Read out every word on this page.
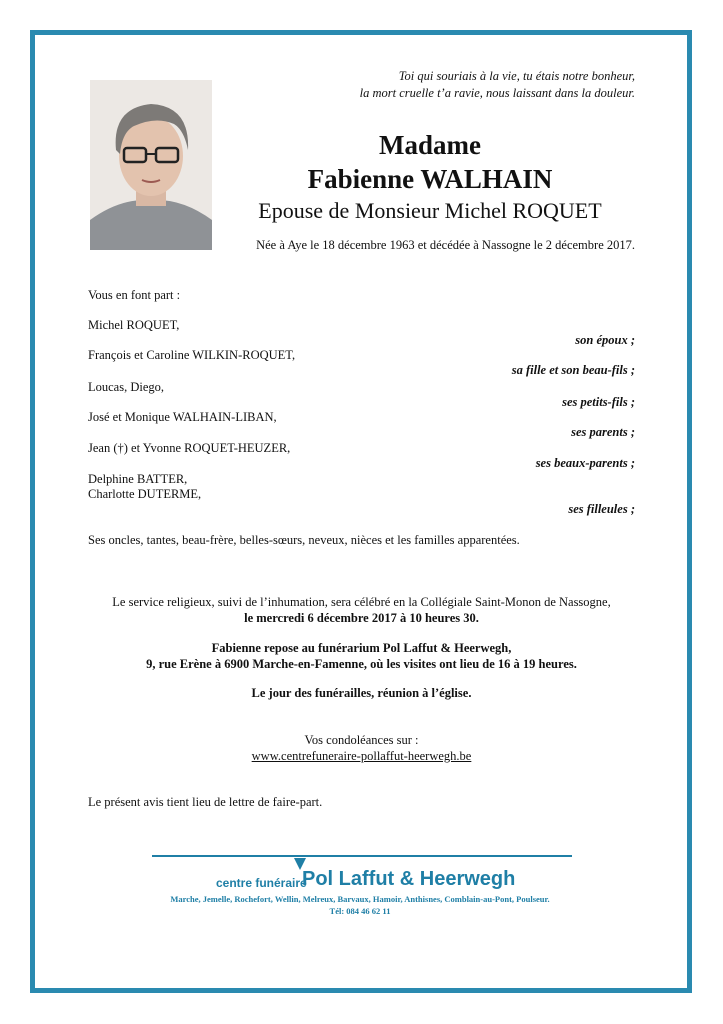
Toi qui souriais à la vie, tu étais notre bonheur,
la mort cruelle t’a ravie, nous laissant dans la douleur.
Madame
Fabienne WALHAIN
Epouse de Monsieur Michel ROQUET
Née à Aye le 18 décembre 1963 et décédée à Nassogne le 2 décembre 2017.
Vous en font part :
Michel ROQUET,
son époux ;
François et Caroline WILKIN-ROQUET,
sa fille et son beau-fils ;
Loucas, Diego,
ses petits-fils ;
José et Monique WALHAIN-LIBAN,
ses parents ;
Jean (†) et Yvonne ROQUET-HEUZER,
ses beaux-parents ;
Delphine BATTER,
Charlotte DUTERME,
ses filleules ;
Ses oncles, tantes, beau-frère, belles-sœurs, neveux, nièces et les familles apparentées.
Le service religieux, suivi de l’inhumation, sera célébré en la Collégiale Saint-Monon de Nassogne,
le mercredi 6 décembre 2017 à 10 heures 30.
Fabienne repose au funérarium Pol Laffut & Heerwegh,
9, rue Erène à 6900 Marche-en-Famenne, où les visites ont lieu de 16 à 19 heures.
Le jour des funérailles, réunion à l’église.
Vos condoléances sur :
www.centrefuneraire-pollaffut-heerwegh.be
Le présent avis tient lieu de lettre de faire-part.
centre funéraire
Pol Laffut & Heerwegh
Marche, Jemelle, Rochefort, Wellin, Melreux, Barvaux, Hamoir, Anthisnes, Comblain-au-Pont, Poulseur.
Tél: 084 46 62 11
